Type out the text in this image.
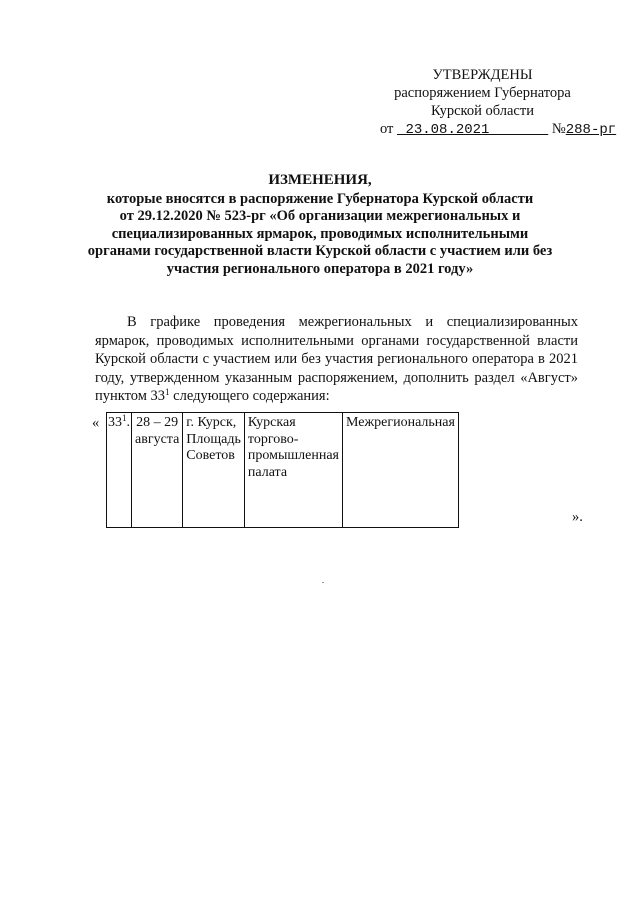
УТВЕРЖДЕНЫ
распоряжением Губернатора
Курской области
от 23.08.2021	№288-рг
ИЗМЕНЕНИЯ,
которые вносятся в распоряжение Губернатора Курской области
от 29.12.2020 № 523-рг «Об организации межрегиональных и
специализированных ярмарок, проводимых исполнительными
органами государственной власти Курской области с участием или без
участия регионального оператора в 2021 году»
В графике проведения межрегиональных и специализированных ярмарок, проводимых исполнительными органами государственной власти Курской области с участием или без участия регионального оператора в 2021 году, утвержденном указанным распоряжением, дополнить раздел «Август» пунктом $33^1$ следующего содержания:
« $33^1$.	28 – 29 августа	г. Курск, Площадь Советов	Курская торгово-промышленная палата	Межрегиональная
».
